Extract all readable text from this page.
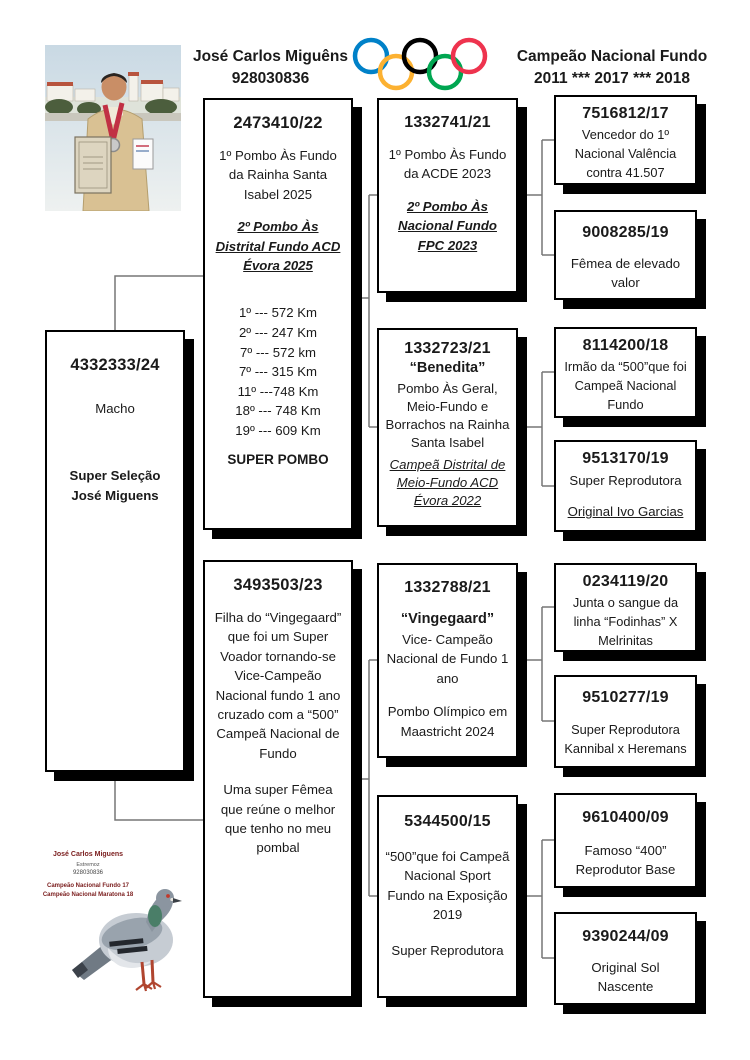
José Carlos Miguêns
928030836
Campeão Nacional Fundo
2011 *** 2017 *** 2018
4332333/24
Macho
Super Seleção
José Miguens
2473410/22
1º Pombo Às Fundo da Rainha Santa Isabel 2025
2º Pombo Às Distrital Fundo ACD Évora 2025
1º --- 572 Km
2º --- 247 Km
7º --- 572 km
7º --- 315 Km
11º ---748 Km
18º --- 748 Km
19º --- 609 Km
SUPER POMBO
3493503/23
Filha do “Vingegaard” que foi um Super Voador tornando-se Vice-Campeão Nacional fundo 1 ano cruzado com a “500” Campeã Nacional de Fundo
Uma super Fêmea que reúne o melhor que tenho no meu pombal
1332741/21
1º Pombo Às Fundo da ACDE 2023
2º Pombo Às Nacional Fundo FPC 2023
1332723/21
“Benedita”
Pombo Às Geral, Meio-Fundo e Borrachos na Rainha Santa Isabel
Campeã Distrital de Meio-Fundo ACD Évora 2022
1332788/21
“Vingegaard”
Vice- Campeão Nacional de Fundo 1 ano
Pombo Olímpico em Maastricht 2024
5344500/15
“500”que foi Campeã Nacional Sport Fundo na Exposição 2019
Super Reprodutora
7516812/17
Vencedor do 1º Nacional Valência contra 41.507
9008285/19
Fêmea de elevado valor
8114200/18
Irmão da “500”que foi Campeã Nacional Fundo
9513170/19
Super Reprodutora
Original Ivo Garcias
0234119/20
Junta o sangue da linha “Fodinhas” X Melrinitas
9510277/19
Super Reprodutora Kannibal x Heremans
9610400/09
Famoso “400” Reprodutor Base
9390244/09
Original Sol Nascente
José Carlos Miguens
Estremoz
928030836
Campeão Nacional Fundo 17
Campeão Nacional Maratona 18
